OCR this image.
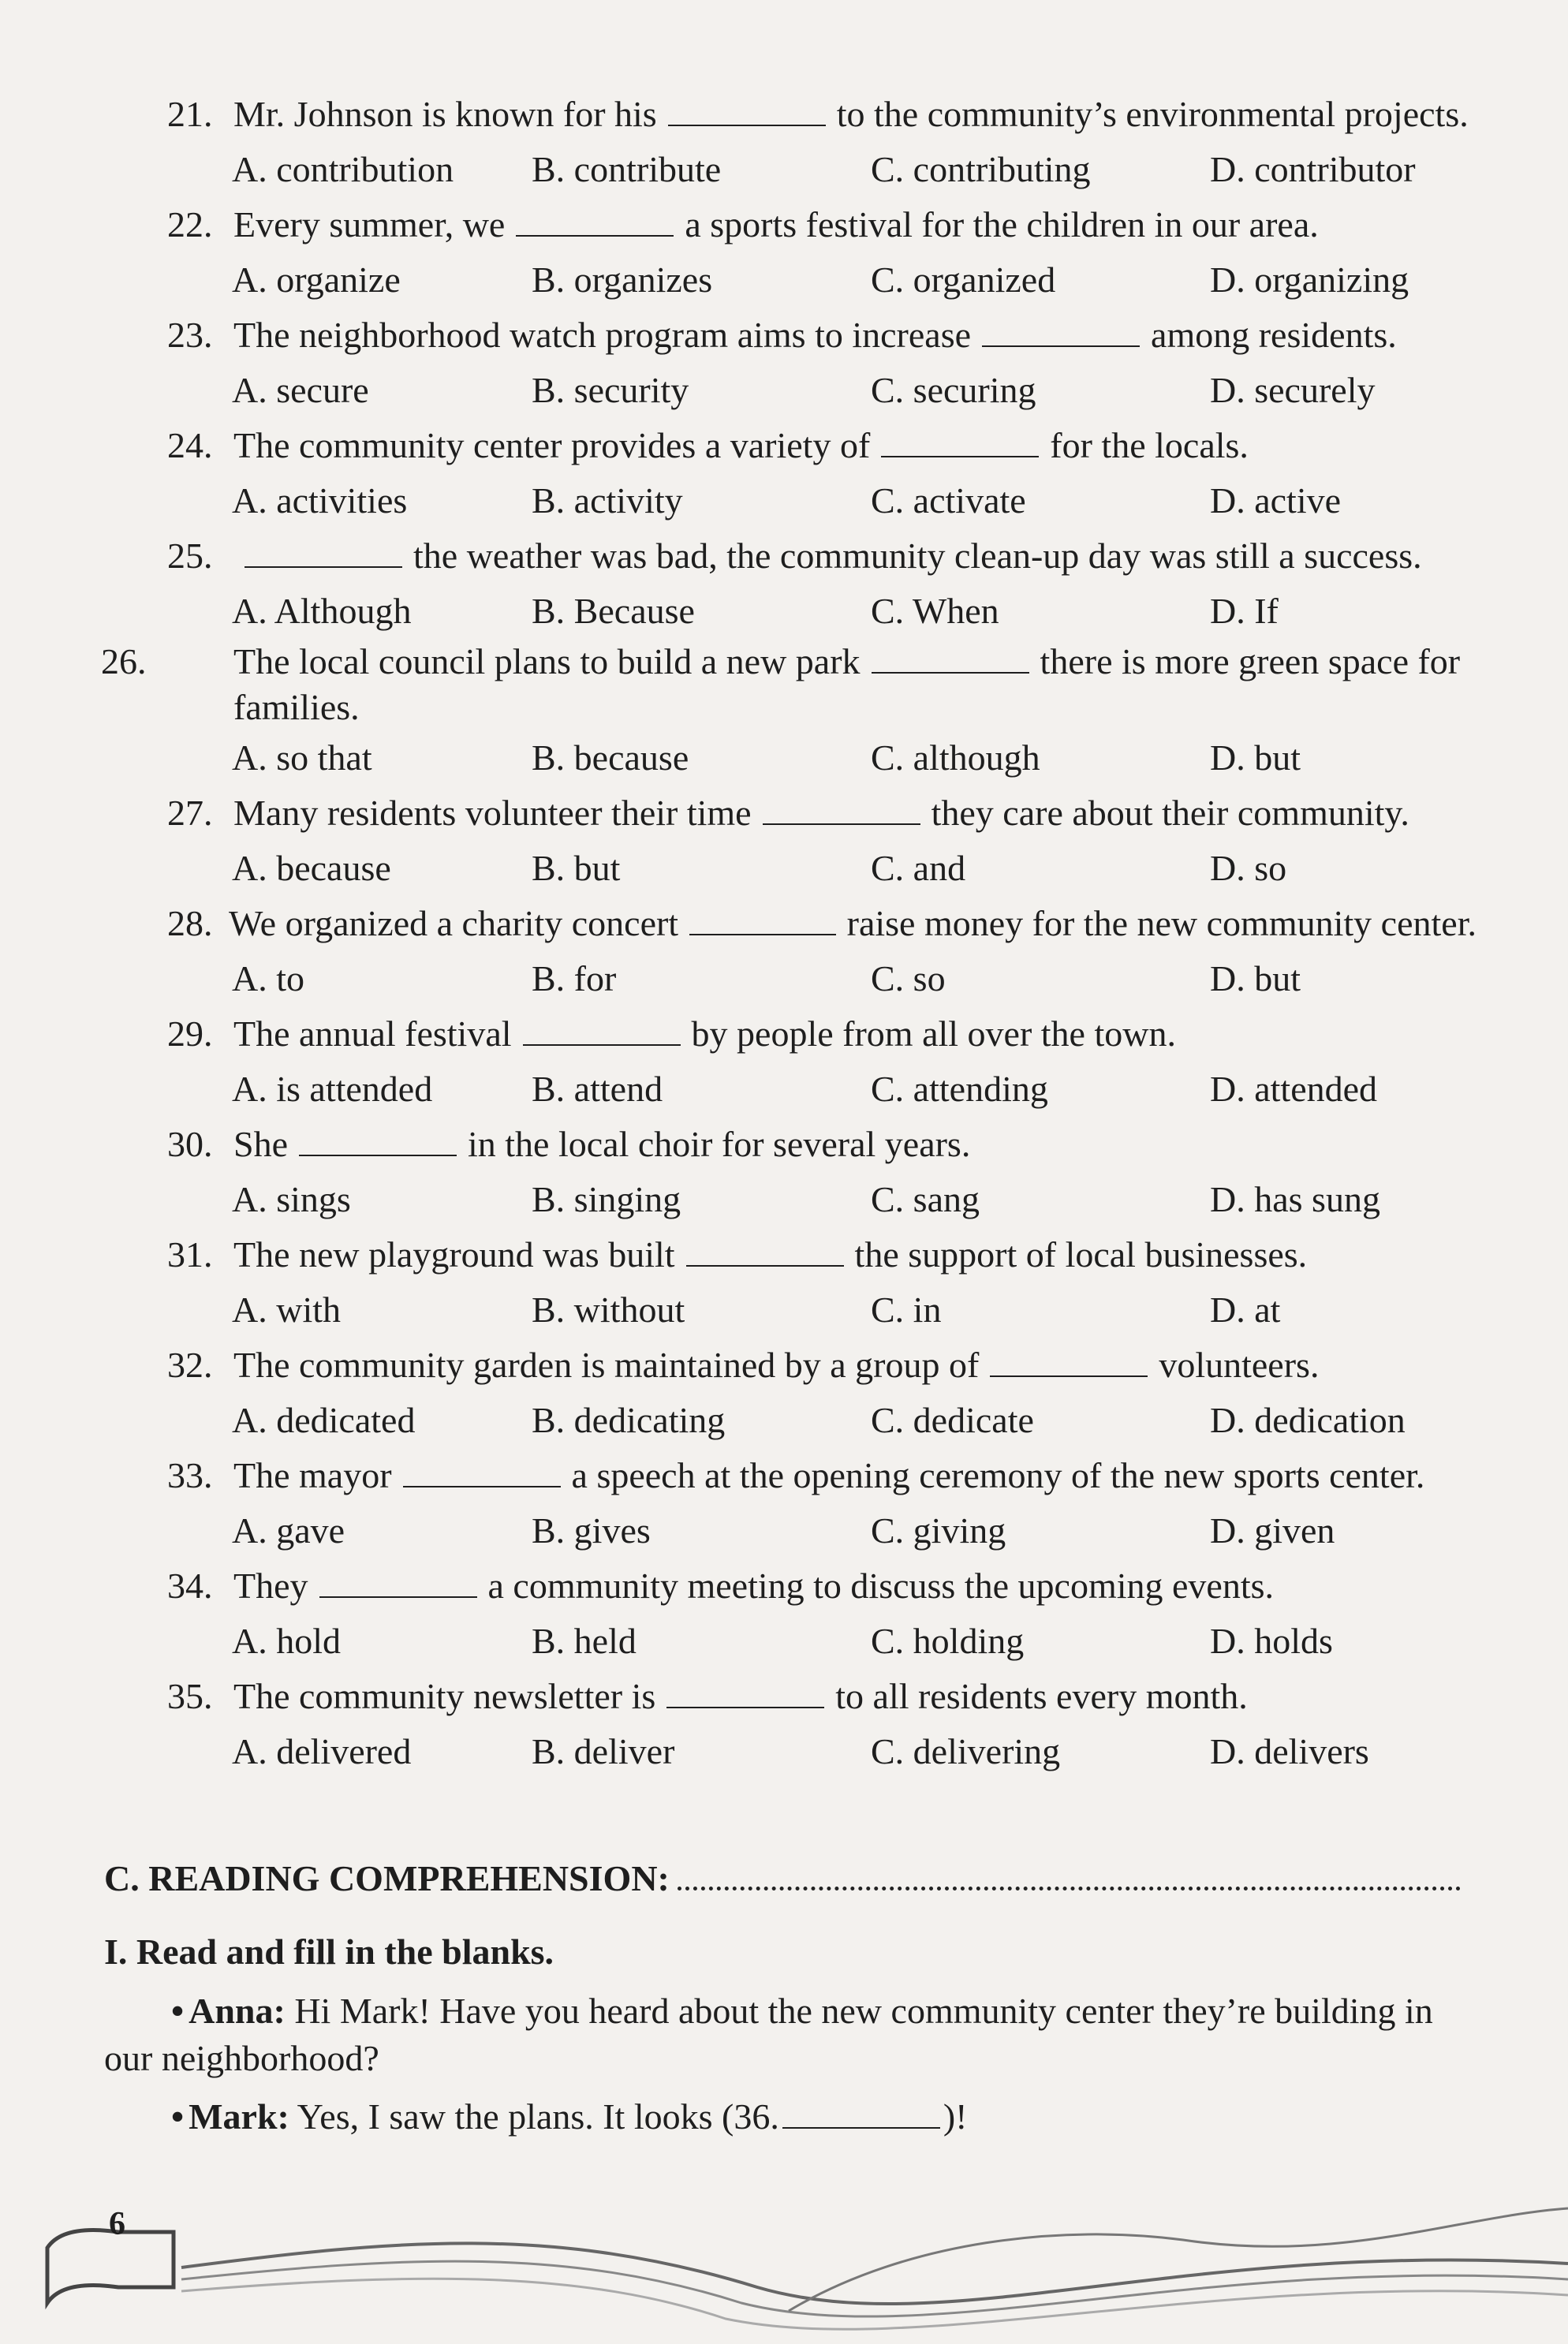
21. Mr. Johnson is known for his	to the community’s environmental projects.
A. contribution	B. contribute	C. contributing	D. contributor
22. Every summer, we	a sports festival for the children in our area.
A. organize	B. organizes	C. organized	D. organizing
23. The neighborhood watch program aims to increase	among residents.
A. secure	B. security	C. securing	D. securely
24. The community center provides a variety of	for the locals.
A. activities	B. activity	C. activate	D. active
25.	the weather was bad, the community clean-up day was still a success.
A. Although	B. Because	C. When	D. If
26. The local council plans to build a new park	there is more green space for families.
A. so that	B. because	C. although	D. but
27. Many residents volunteer their time	they care about their community.
A. because	B. but	C. and	D. so
28. We organized a charity concert	raise money for the new community center.
A. to	B. for	C. so	D. but
29. The annual festival	by people from all over the town.
A. is attended	B. attend	C. attending	D. attended
30. She	in the local choir for several years.
A. sings	B. singing	C. sang	D. has sung
31. The new playground was built	the support of local businesses.
A. with	B. without	C. in	D. at
32. The community garden is maintained by a group of	volunteers.
A. dedicated	B. dedicating	C. dedicate	D. dedication
33. The mayor	a speech at the opening ceremony of the new sports center.
A. gave	B. gives	C. giving	D. given
34. They	a community meeting to discuss the upcoming events.
A. hold	B. held	C. holding	D. holds
35. The community newsletter is	to all residents every month.
A. delivered	B. deliver	C. delivering	D. delivers
C. READING COMPREHENSION:
I. Read and fill in the blanks.
• Anna: Hi Mark! Have you heard about the new community center they’re building in our neighborhood?
• Mark: Yes, I saw the plans. It looks (36.	)!
6
